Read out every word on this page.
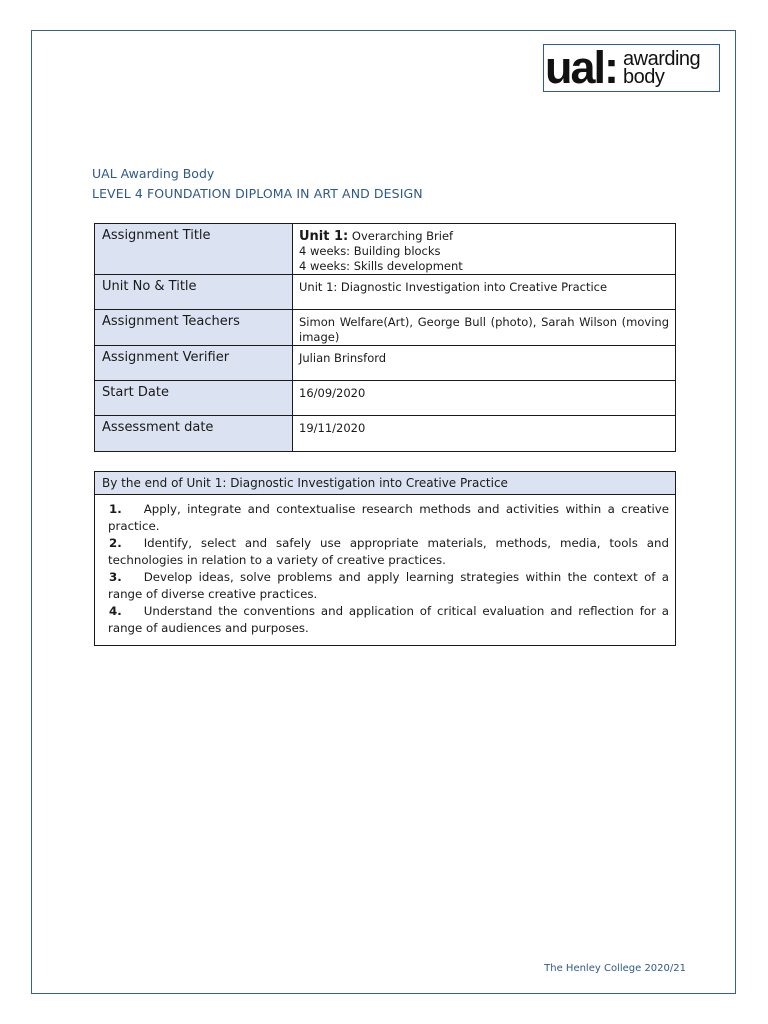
ual: awarding
body
UAL Awarding Body
LEVEL 4 FOUNDATION DIPLOMA IN ART AND DESIGN
Assignment Title	Unit 1: Overarching Brief
4 weeks: Building blocks
4 weeks: Skills development
Unit No & Title	Unit 1: Diagnostic Investigation into Creative Practice
Assignment Teachers	Simon Welfare(Art), George Bull (photo), Sarah Wilson (moving image)
Assignment Verifier	Julian Brinsford
Start Date	16/09/2020
Assessment date	19/11/2020
By the end of Unit 1: Diagnostic Investigation into Creative Practice

1. Apply, integrate and contextualise research methods and activities within a creative practice.
2. Identify, select and safely use appropriate materials, methods, media, tools and technologies in relation to a variety of creative practices.
3. Develop ideas, solve problems and apply learning strategies within the context of a range of diverse creative practices.
4. Understand the conventions and application of critical evaluation and reflection for a range of audiences and purposes.
The Henley College 2020/21
